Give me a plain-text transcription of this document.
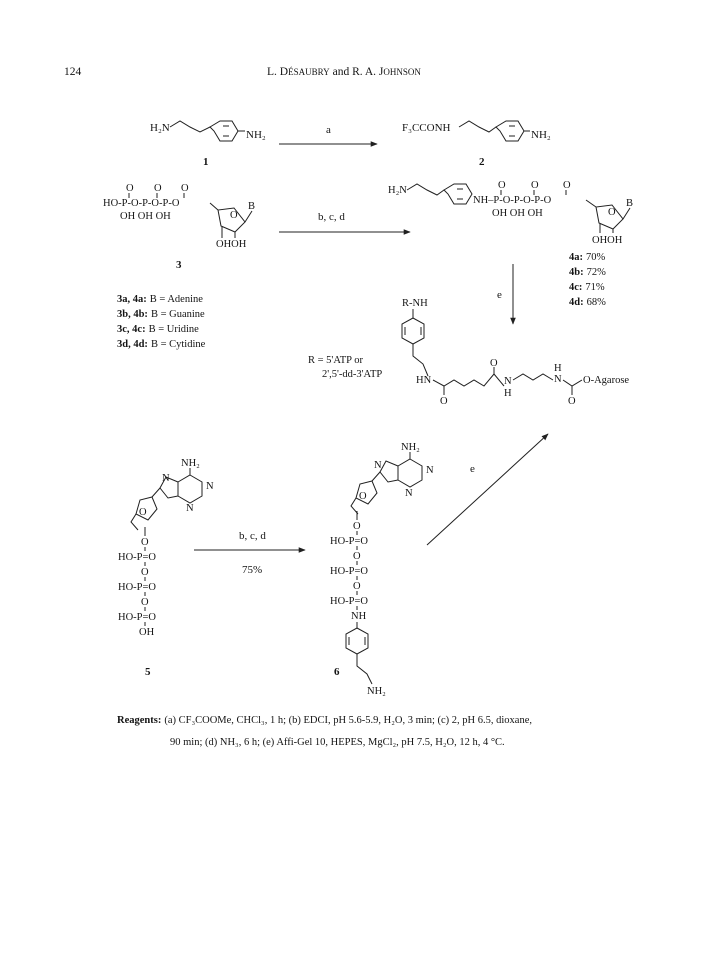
124	L. DÉSAUBRY and R. A. JOHNSON
H₂N
NH₂
1
a	F₃CCONH
NH₂
2
O O O
HO-P-O-P-O-P-O
OH OH OH	O
B
OHOH
3
b, c, d
H₂N	O O O
NH–P-O-P-O-P-O
OH OH OH	O
B
OHOH
4a: 70%
4b: 72%
4c: 71%
4d: 68%
3a, 4a: B = Adenine
3b, 4b: B = Guanine
3c, 4c: B = Uridine
3d, 4d: B = Cytidine
e
R-NH
R = 5'ATP or
2',5'-dd-3'ATP
HN
O
O
N
H
H
N
O
O-Agarose
NH₂
N
N
N
O
O
HO-P=O
O
HO-P=O
O
HO-P=O
OH
5
b, c, d
75%
NH₂
N	N
N
O
O
HO-P=O
O
HO-P=O
O
HO-P=O
NH
NH₂
6
e
Reagents: (a) CF₃COOMe, CHCl₃, 1 h; (b) EDCI, pH 5.6-5.9, H₂O, 3 min; (c) 2, pH 6.5, dioxane,
90 min; (d) NH₃, 6 h; (e) Affi-Gel 10, HEPES, MgCl₂, pH 7.5, H₂O, 12 h, 4 °C.
